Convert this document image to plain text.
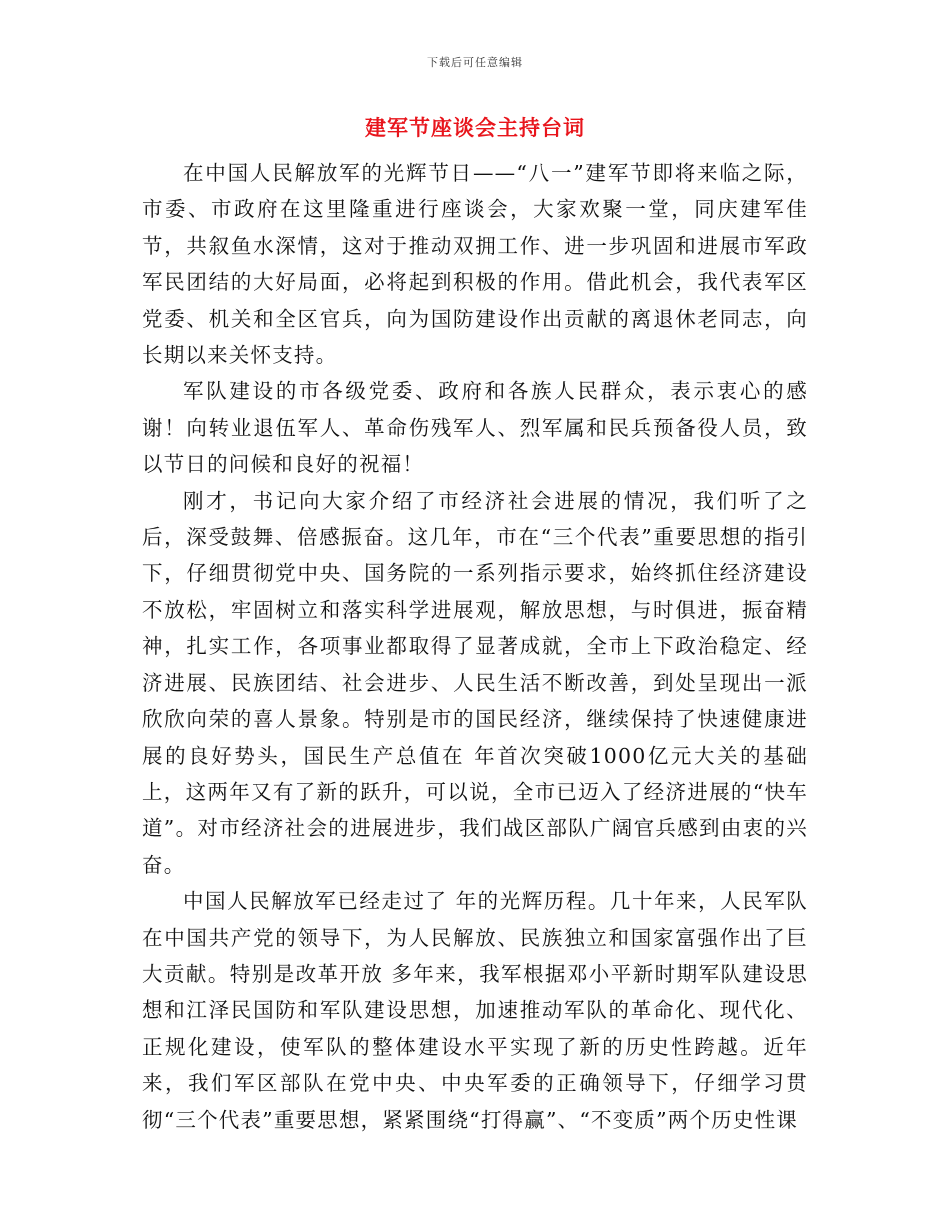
下载后可任意编辑
建军节座谈会主持台词

在中国人民解放军的光辉节日——“八一”建军节即将来临之际，市委、市政府在这里隆重进行座谈会，大家欢聚一堂，同庆建军佳节，共叙鱼水深情，这对于推动双拥工作、进一步巩固和进展市军政军民团结的大好局面，必将起到积极的作用。借此机会，我代表军区党委、机关和全区官兵，向为国防建设作出贡献的离退休老同志，向长期以来关怀支持。

军队建设的市各级党委、政府和各族人民群众，表示衷心的感谢！向转业退伍军人、革命伤残军人、烈军属和民兵预备役人员，致以节日的问候和良好的祝福！

刚才，书记向大家介绍了市经济社会进展的情况，我们听了之后，深受鼓舞、倍感振奋。这几年，市在“三个代表”重要思想的指引下，仔细贯彻党中央、国务院的一系列指示要求，始终抓住经济建设不放松，牢固树立和落实科学进展观，解放思想，与时俱进，振奋精神，扎实工作，各项事业都取得了显著成就，全市上下政治稳定、经济进展、民族团结、社会进步、人民生活不断改善，到处呈现出一派欣欣向荣的喜人景象。特别是市的国民经济，继续保持了快速健康进展的良好势头，国民生产总值在 年首次突破1000亿元大关的基础上，这两年又有了新的跃升，可以说，全市已迈入了经济进展的“快车道”。对市经济社会的进展进步，我们战区部队广阔官兵感到由衷的兴奋。

中国人民解放军已经走过了 年的光辉历程。几十年来，人民军队在中国共产党的领导下，为人民解放、民族独立和国家富强作出了巨大贡献。特别是改革开放 多年来，我军根据邓小平新时期军队建设思想和江泽民国防和军队建设思想，加速推动军队的革命化、现代化、正规化建设，使军队的整体建设水平实现了新的历史性跨越。近年来，我们军区部队在党中央、中央军委的正确领导下，仔细学习贯彻“三个代表”重要思想，紧紧围绕“打得赢”、“不变质”两个历史性课
